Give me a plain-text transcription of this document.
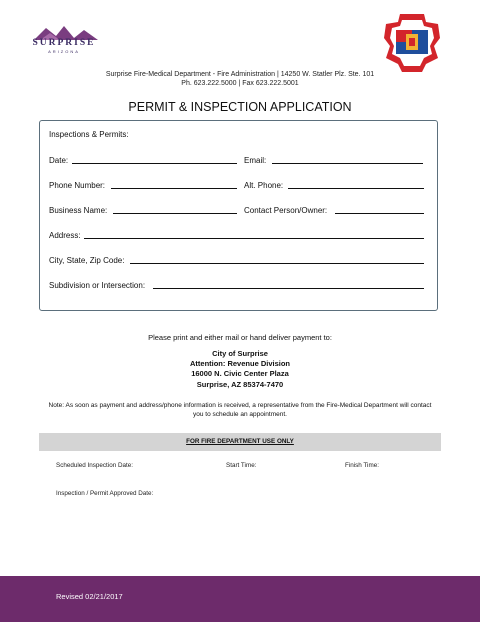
SURPRISE
ARIZONA
Surprise Fire-Medical Department - Fire Administration | 14250 W. Statler Plz. Ste. 101
Ph. 623.222.5000 | Fax 623.222.5001
PERMIT & INSPECTION APPLICATION
Inspections & Permits:
Date:	Email:
Phone Number:	Alt. Phone:
Business Name:	Contact Person/Owner:
Address:
City, State, Zip Code:
Subdivision or Intersection:
Please print and either mail or hand deliver payment to:
City of Surprise
Attention: Revenue Division
16000 N. Civic Center Plaza
Surprise, AZ 85374-7470
Note: As soon as payment and address/phone information is received, a representative from the Fire-Medical Department will contact you to schedule an appointment.
FOR FIRE DEPARTMENT USE ONLY
Scheduled Inspection Date:	Start Time:	Finish Time:
Inspection / Permit Approved Date:
Revised 02/21/2017
